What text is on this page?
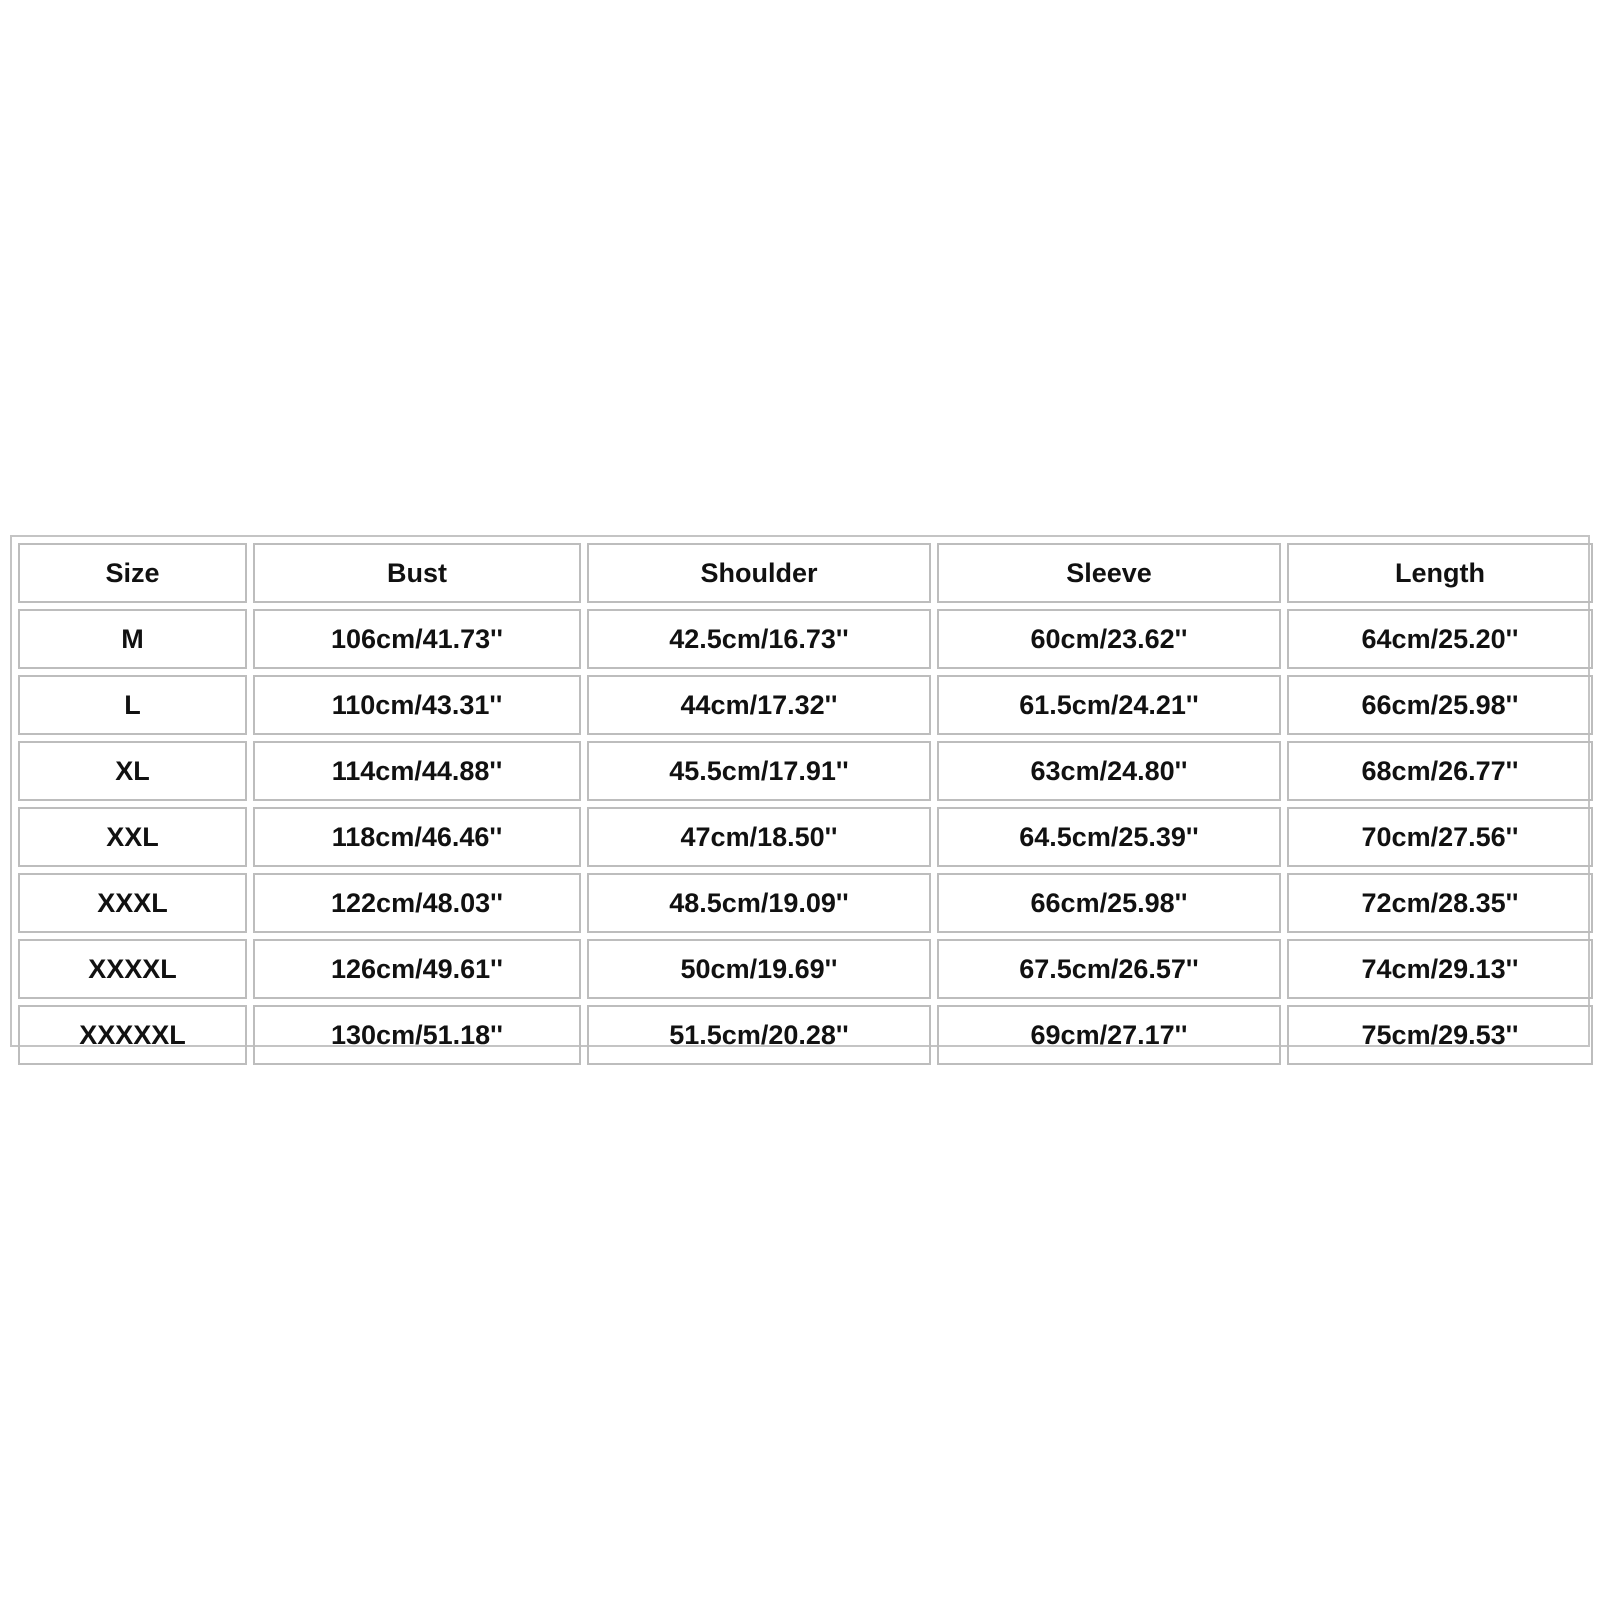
Size	Bust	Shoulder	Sleeve	Length
M	106cm/41.73''	42.5cm/16.73''	60cm/23.62''	64cm/25.20''
L	110cm/43.31''	44cm/17.32''	61.5cm/24.21''	66cm/25.98''
XL	114cm/44.88''	45.5cm/17.91''	63cm/24.80''	68cm/26.77''
XXL	118cm/46.46''	47cm/18.50''	64.5cm/25.39''	70cm/27.56''
XXXL	122cm/48.03''	48.5cm/19.09''	66cm/25.98''	72cm/28.35''
XXXXL	126cm/49.61''	50cm/19.69''	67.5cm/26.57''	74cm/29.13''
XXXXXL	130cm/51.18''	51.5cm/20.28''	69cm/27.17''	75cm/29.53''
